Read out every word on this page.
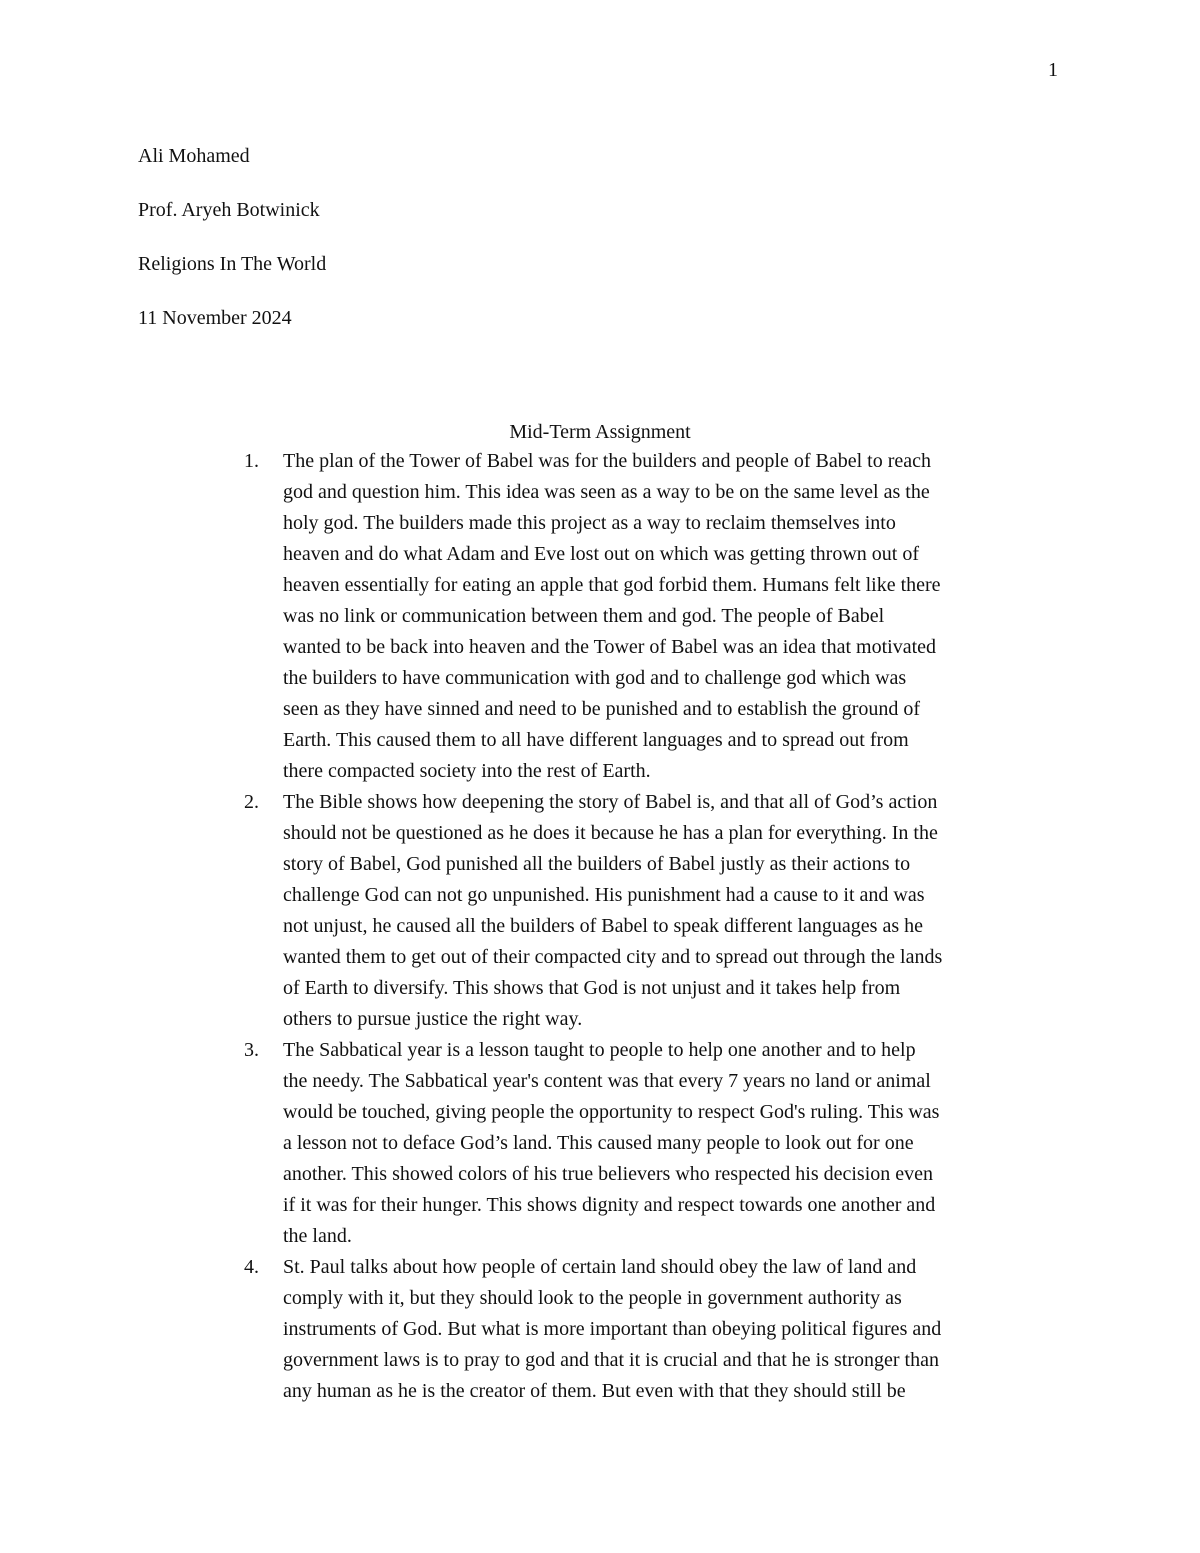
1
Ali Mohamed
Prof. Aryeh Botwinick
Religions In The World
11 November 2024
Mid-Term Assignment
1.	The plan of the Tower of Babel was for the builders and people of Babel to reach
god and question him. This idea was seen as a way to be on the same level as the
holy god. The builders made this project as a way to reclaim themselves into
heaven and do what Adam and Eve lost out on which was getting thrown out of
heaven essentially for eating an apple that god forbid them. Humans felt like there
was no link or communication between them and god. The people of Babel
wanted to be back into heaven and the Tower of Babel was an idea that motivated
the builders to have communication with god and to challenge god which was
seen as they have sinned and need to be punished and to establish the ground of
Earth. This caused them to all have different languages and to spread out from
there compacted society into the rest of Earth.
2.	The Bible shows how deepening the story of Babel is, and that all of God’s action
should not be questioned as he does it because he has a plan for everything. In the
story of Babel, God punished all the builders of Babel justly as their actions to
challenge God can not go unpunished. His punishment had a cause to it and was
not unjust, he caused all the builders of Babel to speak different languages as he
wanted them to get out of their compacted city and to spread out through the lands
of Earth to diversify. This shows that God is not unjust and it takes help from
others to pursue justice the right way.
3.	The Sabbatical year is a lesson taught to people to help one another and to help
the needy. The Sabbatical year's content was that every 7 years no land or animal
would be touched, giving people the opportunity to respect God's ruling. This was
a lesson not to deface God’s land. This caused many people to look out for one
another. This showed colors of his true believers who respected his decision even
if it was for their hunger. This shows dignity and respect towards one another and
the land.
4.	St. Paul talks about how people of certain land should obey the law of land and
comply with it, but they should look to the people in government authority as
instruments of God. But what is more important than obeying political figures and
government laws is to pray to god and that it is crucial and that he is stronger than
any human as he is the creator of them. But even with that they should still be
